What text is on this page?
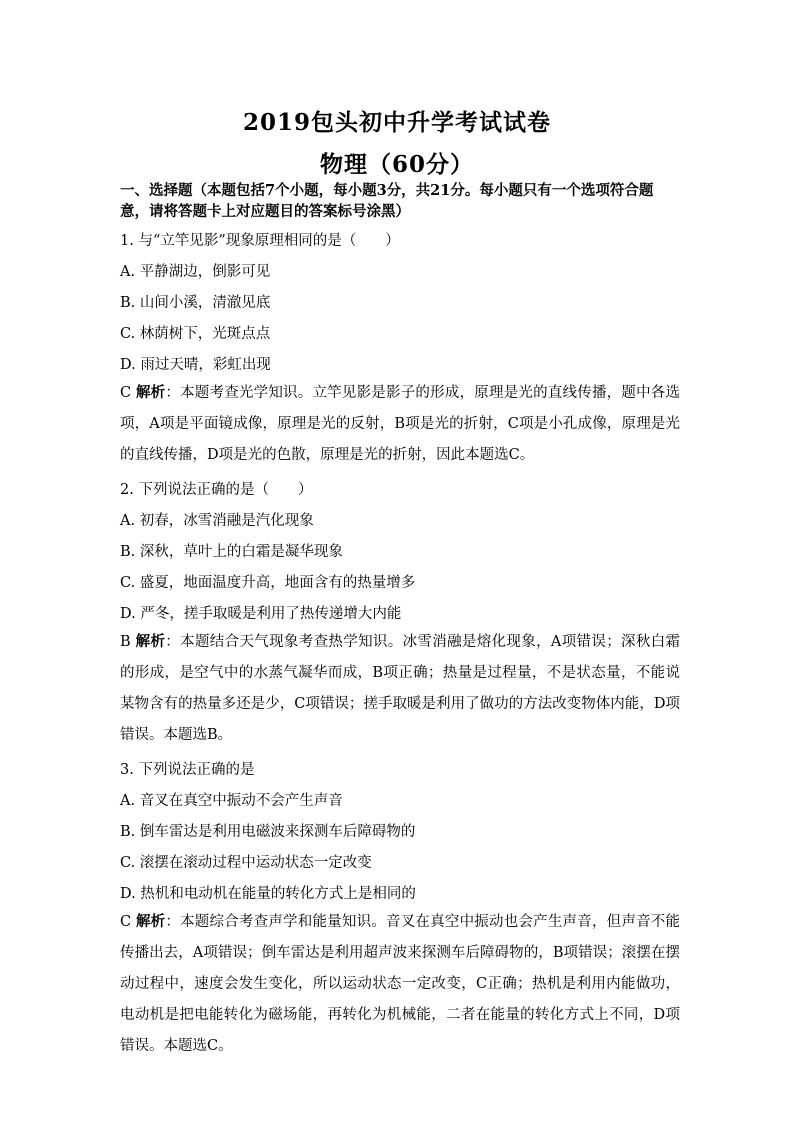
2019包头初中升学考试试卷
物理（60分）
一、选择题（本题包括7个小题，每小题3分，共21分。每小题只有一个选项符合题意，请将答题卡上对应题目的答案标号涂黑）
1. 与“立竿见影”现象原理相同的是（　　）
A. 平静湖边，倒影可见
B. 山间小溪，清澈见底
C. 林荫树下，光斑点点
D. 雨过天晴，彩虹出现
C 解析：本题考查光学知识。立竿见影是影子的形成，原理是光的直线传播，题中各选项，A项是平面镜成像，原理是光的反射，B项是光的折射，C项是小孔成像，原理是光的直线传播，D项是光的色散，原理是光的折射，因此本题选C。
2. 下列说法正确的是（　　）
A. 初春，冰雪消融是汽化现象
B. 深秋，草叶上的白霜是凝华现象
C. 盛夏，地面温度升高，地面含有的热量增多
D. 严冬，搓手取暖是利用了热传递增大内能
B 解析：本题结合天气现象考查热学知识。冰雪消融是熔化现象，A项错误；深秋白霜的形成，是空气中的水蒸气凝华而成，B项正确；热量是过程量，不是状态量，不能说某物含有的热量多还是少，C项错误；搓手取暖是利用了做功的方法改变物体内能，D项错误。本题选B。
3. 下列说法正确的是
A. 音叉在真空中振动不会产生声音
B. 倒车雷达是利用电磁波来探测车后障碍物的
C. 滚摆在滚动过程中运动状态一定改变
D. 热机和电动机在能量的转化方式上是相同的
C 解析：本题综合考查声学和能量知识。音叉在真空中振动也会产生声音，但声音不能传播出去，A项错误；倒车雷达是利用超声波来探测车后障碍物的，B项错误；滚摆在摆动过程中，速度会发生变化，所以运动状态一定改变，C正确；热机是利用内能做功，电动机是把电能转化为磁场能，再转化为机械能，二者在能量的转化方式上不同，D项错误。本题选C。
